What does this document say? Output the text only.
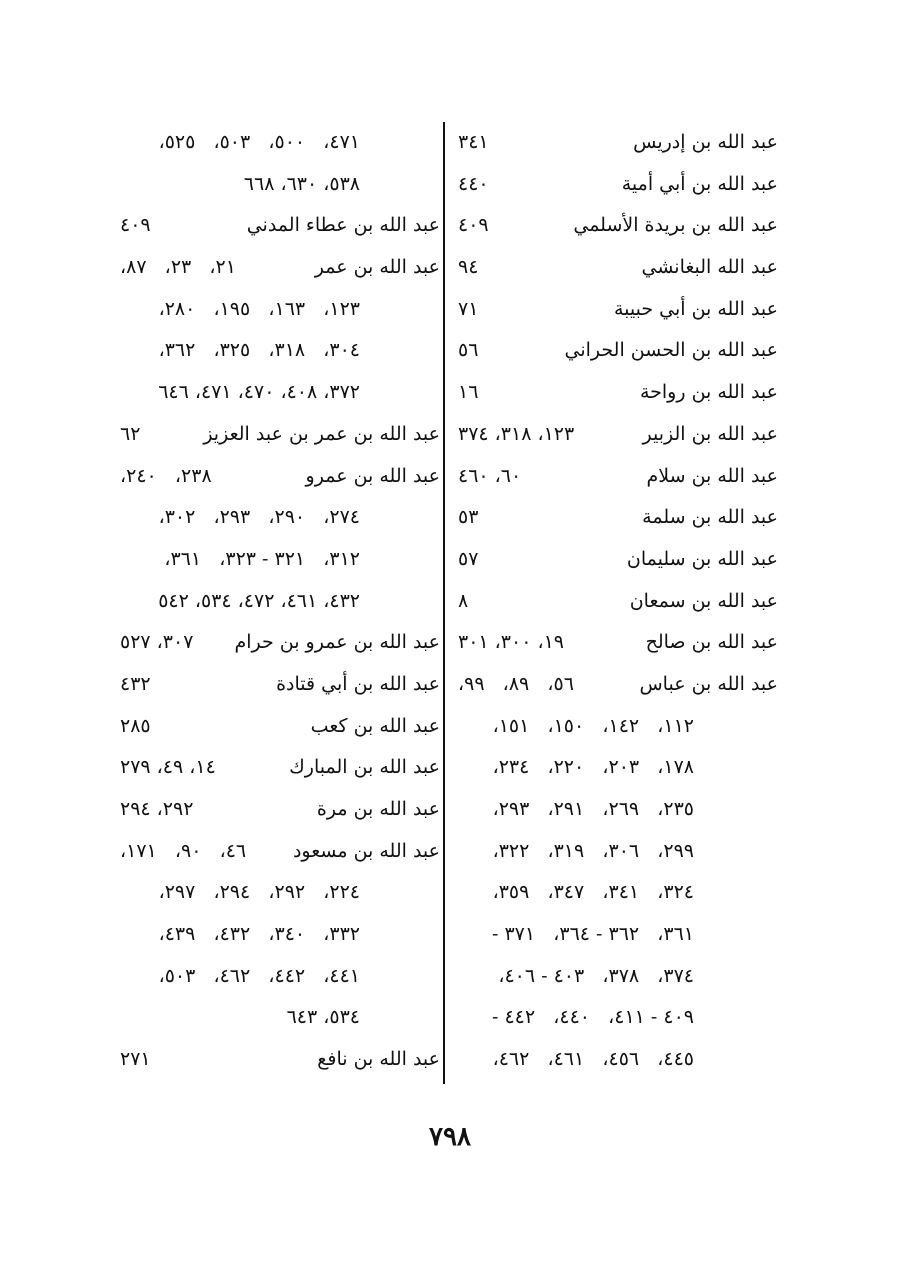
عبد الله بن إدريس
٣٤١
عبد الله بن أبي أمية
٤٤٠
عبد الله بن بريدة الأسلمي
٤٠٩
عبد الله البغانشي
٩٤
عبد الله بن أبي حبيبة
٧١
عبد الله بن الحسن الحراني
٥٦
عبد الله بن رواحة
١٦
عبد الله بن الزبير
١٢٣، ٣١٨، ٣٧٤
عبد الله بن سلام
٦٠، ٤٦٠
عبد الله بن سلمة
٥٣
عبد الله بن سليمان
٥٧
عبد الله بن سمعان
٨
عبد الله بن صالح
١٩، ٣٠٠، ٣٠١
عبد الله بن عباس
٥٦،   ٨٩،   ٩٩،
١١٢،   ١٤٢،   ١٥٠،   ١٥١،
١٧٨،   ٢٠٣،   ٢٢٠،   ٢٣٤،
٢٣٥،   ٢٦٩،   ٢٩١،   ٢٩٣،
٢٩٩،   ٣٠٦،   ٣١٩،   ٣٢٢،
٣٢٤،   ٣٤١،   ٣٤٧،   ٣٥٩،
٣٦١،   ٣٦٢ - ٣٦٤،   ٣٧١ -
٣٧٤،   ٣٧٨،   ٤٠٣ - ٤٠٦،
٤٠٩ - ٤١١،   ٤٤٠،   ٤٤٢ -
٤٤٥،   ٤٥٦،   ٤٦١،   ٤٦٢،
٤٧١،   ٥٠٠،   ٥٠٣،   ٥٢٥،
٥٣٨، ٦٣٠، ٦٦٨
عبد الله بن عطاء المدني
٤٠٩
عبد الله بن عمر
٢١،   ٢٣،   ٨٧،
١٢٣،   ١٦٣،   ١٩٥،   ٢٨٠،
٣٠٤،   ٣١٨،   ٣٢٥،   ٣٦٢،
٣٧٢، ٤٠٨، ٤٧٠، ٤٧١، ٦٤٦
عبد الله بن عمر بن عبد العزيز
٦٢
عبد الله بن عمرو
٢٣٨،   ٢٤٠،
٢٧٤،   ٢٩٠،   ٢٩٣،   ٣٠٢،
٣١٢،   ٣٢١ - ٣٢٣،   ٣٦١،
٤٣٢، ٤٦١، ٤٧٢، ٥٣٤، ٥٤٢
عبد الله بن عمرو بن حرام
٣٠٧، ٥٢٧
عبد الله بن أبي قتادة
٤٣٢
عبد الله بن كعب
٢٨٥
عبد الله بن المبارك
١٤، ٤٩، ٢٧٩
عبد الله بن مرة
٢٩٢، ٢٩٤
عبد الله بن مسعود
٤٦،   ٩٠،   ١٧١،
٢٢٤،   ٢٩٢،   ٢٩٤،   ٢٩٧،
٣٣٢،   ٣٤٠،   ٤٣٢،   ٤٣٩،
٤٤١،   ٤٤٢،   ٤٦٢،   ٥٠٣،
٥٣٤، ٦٤٣
عبد الله بن نافع
٢٧١
٧٩٨
